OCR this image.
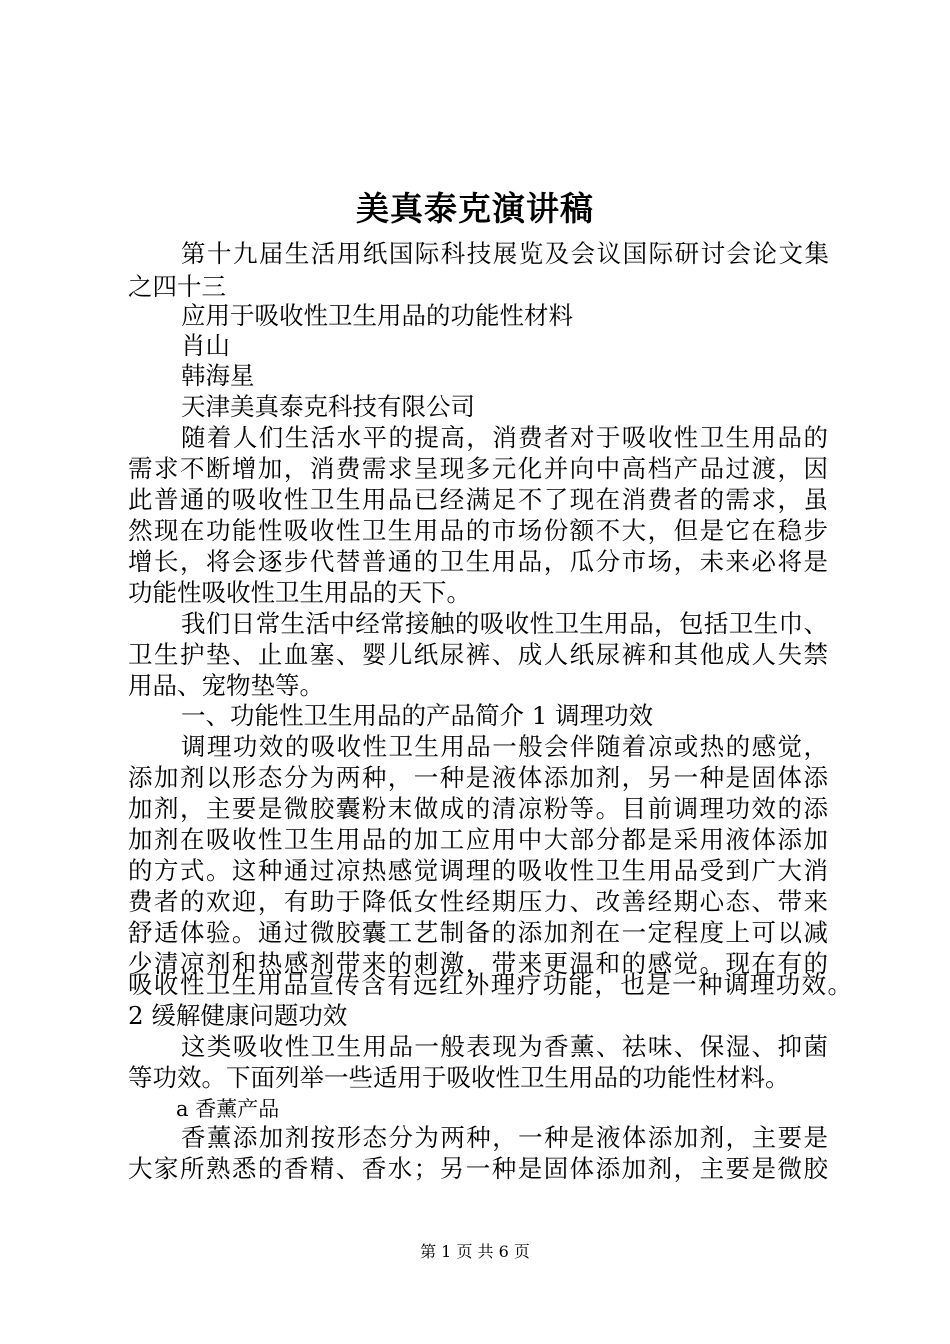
美真泰克演讲稿

第十九届生活用纸国际科技展览及会议国际研讨会论文集

之四十三

应用于吸收性卫生用品的功能性材料

肖山

韩海星

天津美真泰克科技有限公司

随着人们生活水平的提高，消费者对于吸收性卫生用品的

需求不断增加，消费需求呈现多元化并向中高档产品过渡，因

此普通的吸收性卫生用品已经满足不了现在消费者的需求，虽

然现在功能性吸收性卫生用品的市场份额不大，但是它在稳步

增长，将会逐步代替普通的卫生用品，瓜分市场，未来必将是

功能性吸收性卫生用品的天下。

我们日常生活中经常接触的吸收性卫生用品，包括卫生巾、

卫生护垫、止血塞、婴儿纸尿裤、成人纸尿裤和其他成人失禁

用品、宠物垫等。

一、功能性卫生用品的产品简介 1 调理功效

调理功效的吸收性卫生用品一般会伴随着凉或热的感觉，

添加剂以形态分为两种，一种是液体添加剂，另一种是固体添

加剂，主要是微胶囊粉末做成的清凉粉等。目前调理功效的添

加剂在吸收性卫生用品的加工应用中大部分都是采用液体添加

的方式。这种通过凉热感觉调理的吸收性卫生用品受到广大消

费者的欢迎，有助于降低女性经期压力、改善经期心态、带来

舒适体验。通过微胶囊工艺制备的添加剂在一定程度上可以减

少清凉剂和热感剂带来的刺激，带来更温和的感觉。现在有的

吸收性卫生用品宣传含有远红外理疗功能，也是一种调理功效。

2 缓解健康问题功效

这类吸收性卫生用品一般表现为香薰、祛味、保湿、抑菌

等功效。下面列举一些适用于吸收性卫生用品的功能性材料。

a 香薰产品

香薰添加剂按形态分为两种，一种是液体添加剂，主要是

大家所熟悉的香精、香水；另一种是固体添加剂，主要是微胶

第 1 页 共 6 页
